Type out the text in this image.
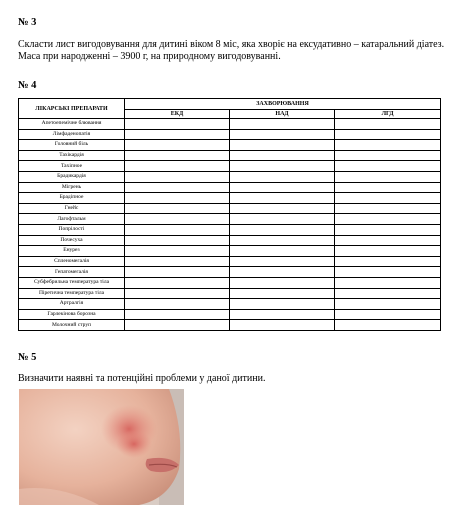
№ 3
Скласти лист вигодовування для дитині віком 8 міс, яка хворіє на ексудативно – катаральний діатез.
Маса при народженні – 3900 г, на природному вигодовуванні.
№ 4
ЛІКАРСЬКІ ПРЕПАРАТИ	ЗАХВОРЮВАННЯ		
	ЕКД	НАД	ЛГД
Апетоепемічне блювання			
Лімфаденопатія			
Головний біль			
Тахікардія			
Тахіпное			
Брадикардія			
Мігрень			
Брадіпное			
Гнейс			
Лагофтальм			
Попрілості			
Почесуха			
Енурез			
Спленомегалія			
Гепатомегалія			
Субфебрильна температура тіла			
Піретична температура тіла			
Артралгія			
Гарлекінова борозна			
Молочний струп			
№ 5
Визначити наявні та потенційні проблеми у даної дитини.
